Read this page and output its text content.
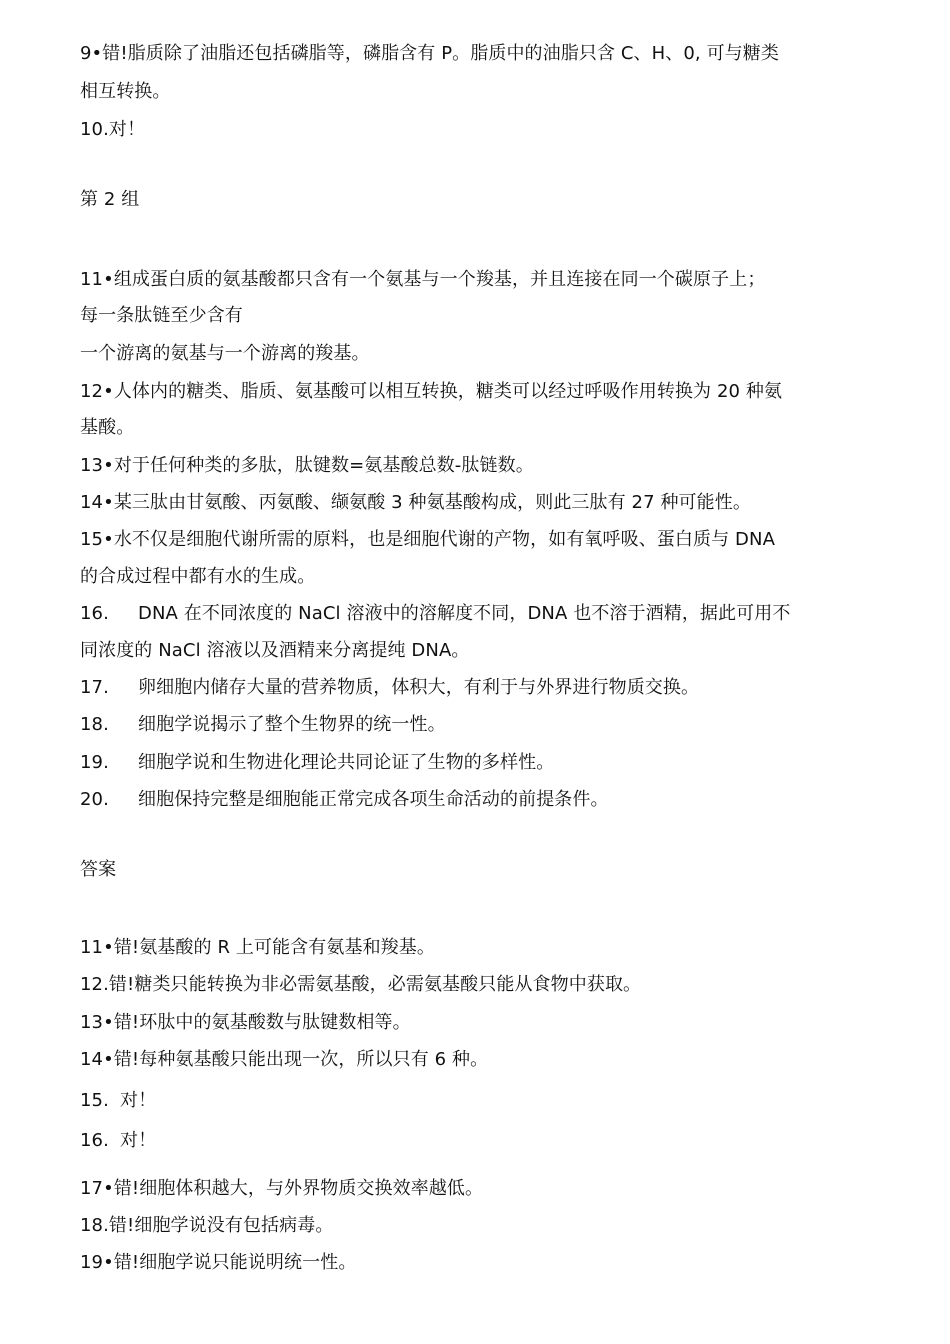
9•错!脂质除了油脂还包括磷脂等，磷脂含有 P。脂质中的油脂只含 C、H、0, 可与糖类
相互转换。
10.对！
第 2 组
11•组成蛋白质的氨基酸都只含有一个氨基与一个羧基，并且连接在同一个碳原子上；
每一条肽链至少含有
一个游离的氨基与一个游离的羧基。
12•人体内的糖类、脂质、氨基酸可以相互转换，糖类可以经过呼吸作用转换为 20 种氨
基酸。
13•对于任何种类的多肽，肽键数=氨基酸总数-肽链数。
14•某三肽由甘氨酸、丙氨酸、缬氨酸 3 种氨基酸构成，则此三肽有 27 种可能性。
15•水不仅是细胞代谢所需的原料，也是细胞代谢的产物，如有氧呼吸、蛋白质与 DNA
的合成过程中都有水的生成。
16. DNA 在不同浓度的 NaCl 溶液中的溶解度不同，DNA 也不溶于酒精，据此可用不
同浓度的 NaCl 溶液以及酒精来分离提纯 DNA。
17. 卵细胞内储存大量的营养物质，体积大，有利于与外界进行物质交换。
18. 细胞学说揭示了整个生物界的统一性。
19. 细胞学说和生物进化理论共同论证了生物的多样性。
20. 细胞保持完整是细胞能正常完成各项生命活动的前提条件。
答案
11•错!氨基酸的 R 上可能含有氨基和羧基。
12.错!糖类只能转换为非必需氨基酸，必需氨基酸只能从食物中获取。
13•错!环肽中的氨基酸数与肽键数相等。
14•错!每种氨基酸只能出现一次，所以只有 6 种。
15. 对！
16. 对！
17•错!细胞体积越大，与外界物质交换效率越低。
18.错!细胞学说没有包括病毒。
19•错!细胞学说只能说明统一性。
